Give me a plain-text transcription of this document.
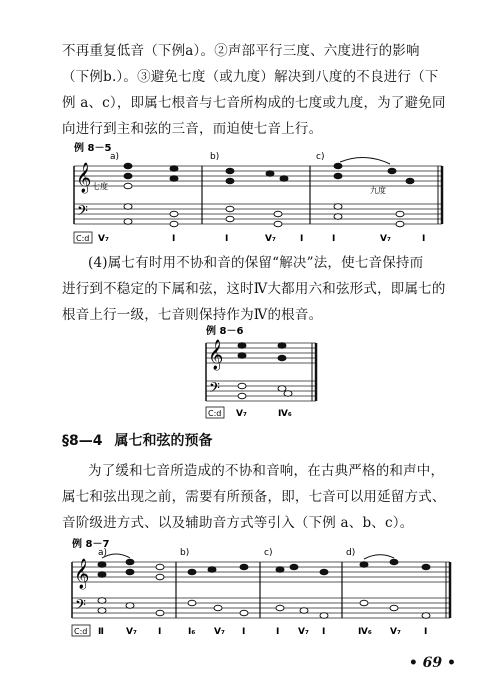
不再重复低音（下例a）。②声部平行三度、六度进行的影响
（下例b.）。③避免七度（或九度）解决到八度的不良进行（下
例 a、c），即属七根音与七音所构成的七度或九度，为了避免同
向进行到主和弦的三音，而迫使七音上行。
例 8－5
a)	b)	c)
𝄞
𝄢
七度	九度
C:d V₇	I	I	V₇	I	I	V₇	I
(4)属七有时用不协和音的保留“解决”法，使七音保持而
进行到不稳定的下属和弦，这时Ⅳ大都用六和弦形式，即属七的
根音上行一级，七音则保持作为Ⅳ的根音。
例 8－6
𝄞
𝄢
C:d V₇	Ⅳ₆
§8—4 属七和弦的预备
为了缓和七音所造成的不协和音响，在古典严格的和声中，
属七和弦出现之前，需要有所预备，即，七音可以用延留方式、
音阶级进方式、以及辅助音方式等引入（下例 a、b、c）。
例 8－7
b)	c)	d)
a)
𝄞
𝄢
C:d Ⅱ V₇ I	I₆ V₇ I	I V₇ I	Ⅳ₆ V₇	I
• 69 •
